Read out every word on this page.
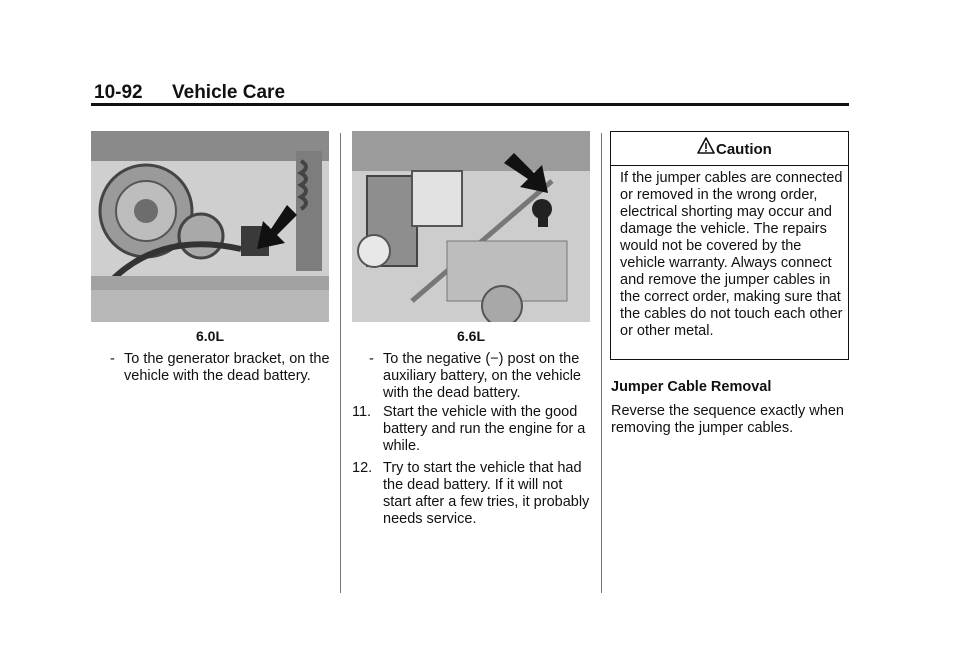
10-92 Vehicle Care
6.0L
- To the generator bracket, on the vehicle with the dead battery.
6.6L
- To the negative (−) post on the auxiliary battery, on the vehicle with the dead battery.
11. Start the vehicle with the good battery and run the engine for a while.
12. Try to start the vehicle that had the dead battery. If it will not start after a few tries, it probably needs service.
Caution
If the jumper cables are connected or removed in the wrong order, electrical shorting may occur and damage the vehicle. The repairs would not be covered by the vehicle warranty. Always connect and remove the jumper cables in the correct order, making sure that the cables do not touch each other or other metal.
Jumper Cable Removal
Reverse the sequence exactly when removing the jumper cables.
